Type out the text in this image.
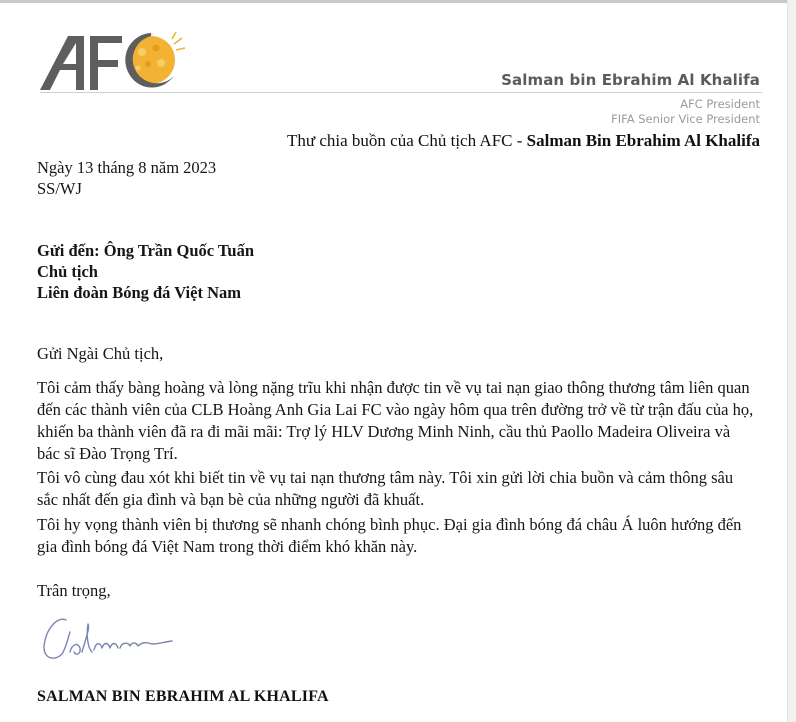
Salman bin Ebrahim Al Khalifa
AFC President
FIFA Senior Vice President
Thư chia buồn của Chủ tịch AFC - Salman Bin Ebrahim Al Khalifa
Ngày 13 tháng 8 năm 2023
SS/WJ
Gửi đến: Ông Trần Quốc Tuấn
Chủ tịch
Liên đoàn Bóng đá Việt Nam
Gửi Ngài Chủ tịch,

Tôi cảm thấy bàng hoàng và lòng nặng trĩu khi nhận được tin về vụ tai nạn giao thông thương tâm liên quan đến các thành viên của CLB Hoàng Anh Gia Lai FC vào ngày hôm qua trên đường trở về từ trận đấu của họ, khiến ba thành viên đã ra đi mãi mãi: Trợ lý HLV Dương Minh Ninh, cầu thủ Paollo Madeira Oliveira và bác sĩ Đào Trọng Trí.

Tôi vô cùng đau xót khi biết tin về vụ tai nạn thương tâm này. Tôi xin gửi lời chia buồn và cảm thông sâu sắc nhất đến gia đình và bạn bè của những người đã khuất.

Tôi hy vọng thành viên bị thương sẽ nhanh chóng bình phục. Đại gia đình bóng đá châu Á luôn hướng đến gia đình bóng đá Việt Nam trong thời điểm khó khăn này.

Trân trọng,
SALMAN BIN EBRAHIM AL KHALIFA
